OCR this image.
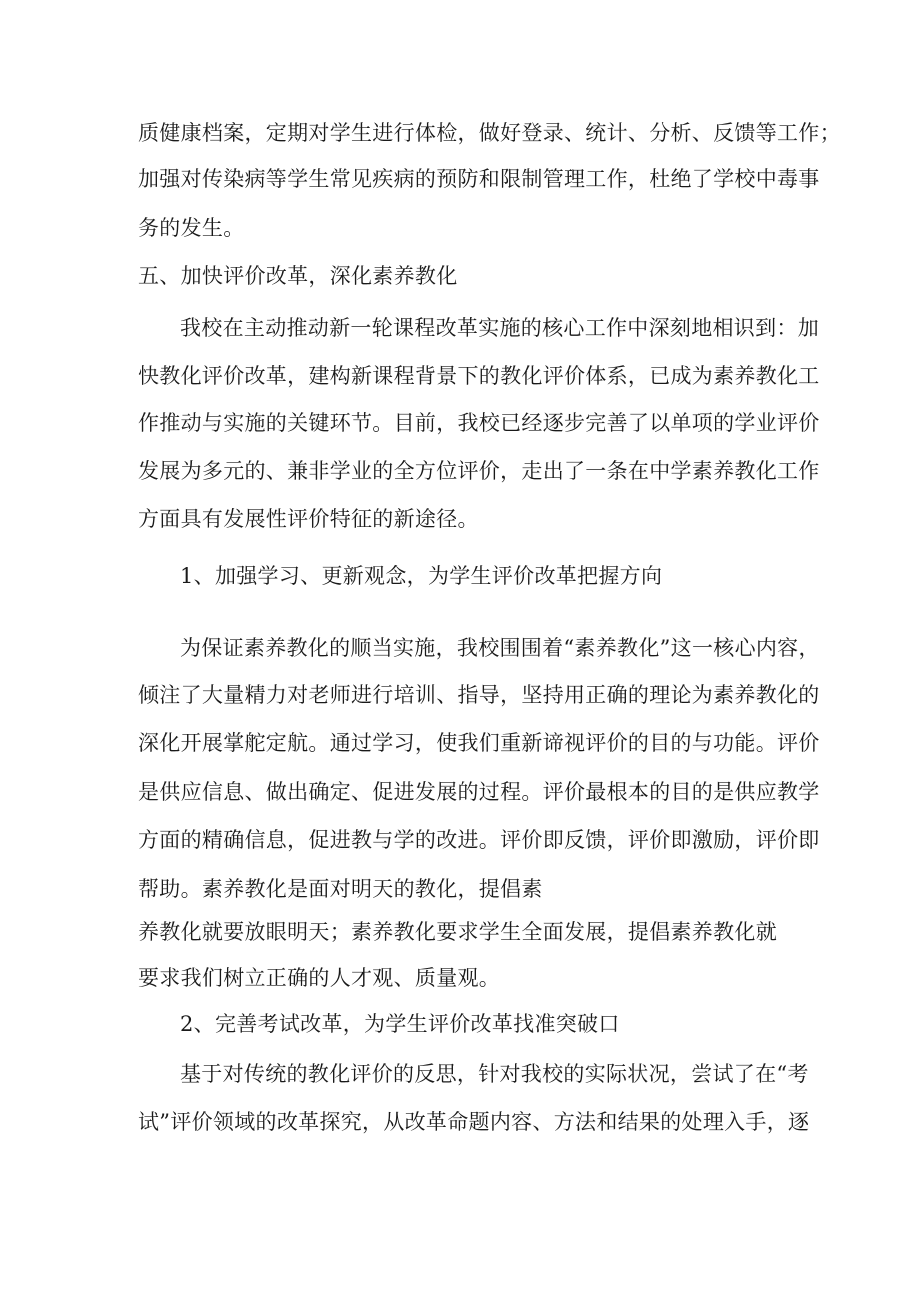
质健康档案，定期对学生进行体检，做好登录、统计、分析、反馈等工作；
加强对传染病等学生常见疾病的预防和限制管理工作，杜绝了学校中毒事
务的发生。
五、加快评价改革，深化素养教化
我校在主动推动新一轮课程改革实施的核心工作中深刻地相识到：加
快教化评价改革，建构新课程背景下的教化评价体系，已成为素养教化工
作推动与实施的关键环节。目前，我校已经逐步完善了以单项的学业评价
发展为多元的、兼非学业的全方位评价，走出了一条在中学素养教化工作
方面具有发展性评价特征的新途径。
1、加强学习、更新观念，为学生评价改革把握方向
为保证素养教化的顺当实施，我校围围着“素养教化”这一核心内容，
倾注了大量精力对老师进行培训、指导，坚持用正确的理论为素养教化的
深化开展掌舵定航。通过学习，使我们重新谛视评价的目的与功能。评价
是供应信息、做出确定、促进发展的过程。评价最根本的目的是供应教学
方面的精确信息，促进教与学的改进。评价即反馈，评价即激励，评价即
帮助。素养教化是面对明天的教化，提倡素
养教化就要放眼明天；素养教化要求学生全面发展，提倡素养教化就
要求我们树立正确的人才观、质量观。
2、完善考试改革，为学生评价改革找准突破口
基于对传统的教化评价的反思，针对我校的实际状况，尝试了在“考
试”评价领域的改革探究，从改革命题内容、方法和结果的处理入手，逐
